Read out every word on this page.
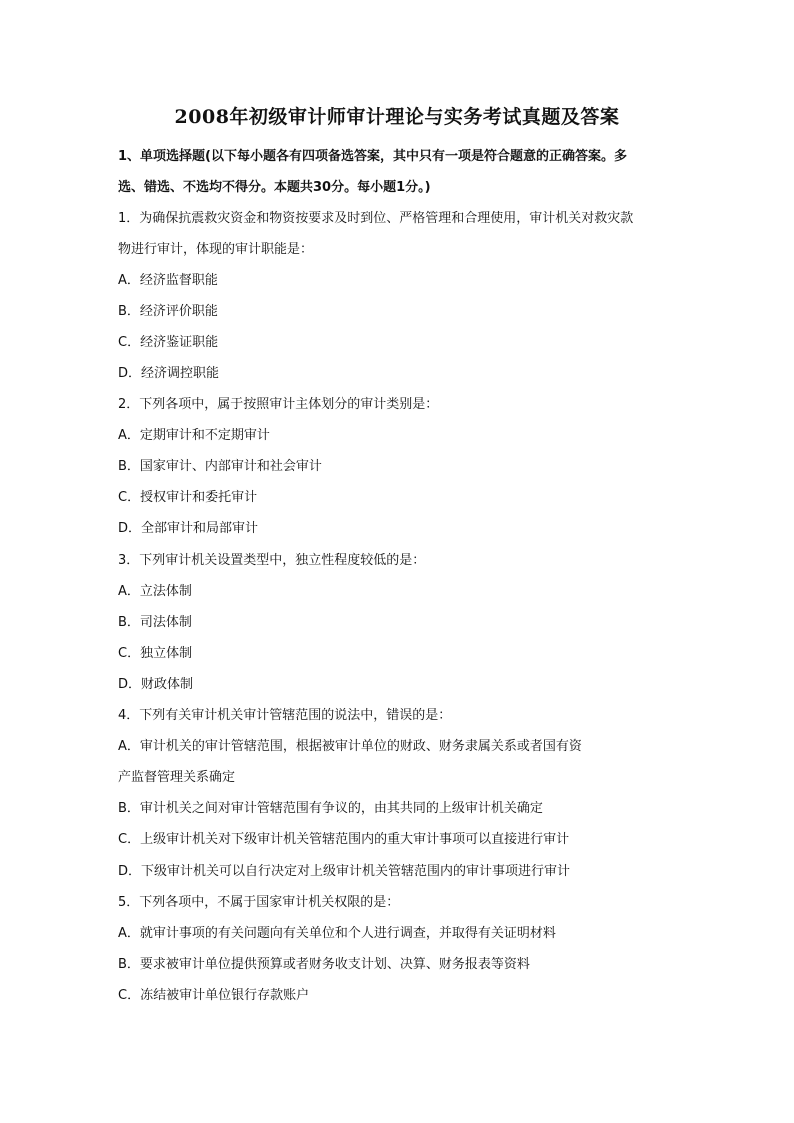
2008年初级审计师审计理论与实务考试真题及答案
1、单项选择题(以下每小题各有四项备选答案，其中只有一项是符合题意的正确答案。多
选、错选、不选均不得分。本题共30分。每小题1分。)
1．为确保抗震救灾资金和物资按要求及时到位、严格管理和合理使用，审计机关对救灾款
物进行审计，体现的审计职能是：
A．经济监督职能
B．经济评价职能
C．经济鉴证职能
D．经济调控职能
2．下列各项中，属于按照审计主体划分的审计类别是：
A．定期审计和不定期审计
B．国家审计、内部审计和社会审计
C．授权审计和委托审计
D．全部审计和局部审计
3．下列审计机关设置类型中，独立性程度较低的是：
A．立法体制
B．司法体制
C．独立体制
D．财政体制
4．下列有关审计机关审计管辖范围的说法中，错误的是：
A．审计机关的审计管辖范围，根据被审计单位的财政、财务隶属关系或者国有资
产监督管理关系确定
B．审计机关之间对审计管辖范围有争议的，由其共同的上级审计机关确定
C．上级审计机关对下级审计机关管辖范围内的重大审计事项可以直接进行审计
D．下级审计机关可以自行决定对上级审计机关管辖范围内的审计事项进行审计
5．下列各项中，不属于国家审计机关权限的是：
A．就审计事项的有关问题向有关单位和个人进行调查，并取得有关证明材料
B．要求被审计单位提供预算或者财务收支计划、决算、财务报表等资料
C．冻结被审计单位银行存款账户
